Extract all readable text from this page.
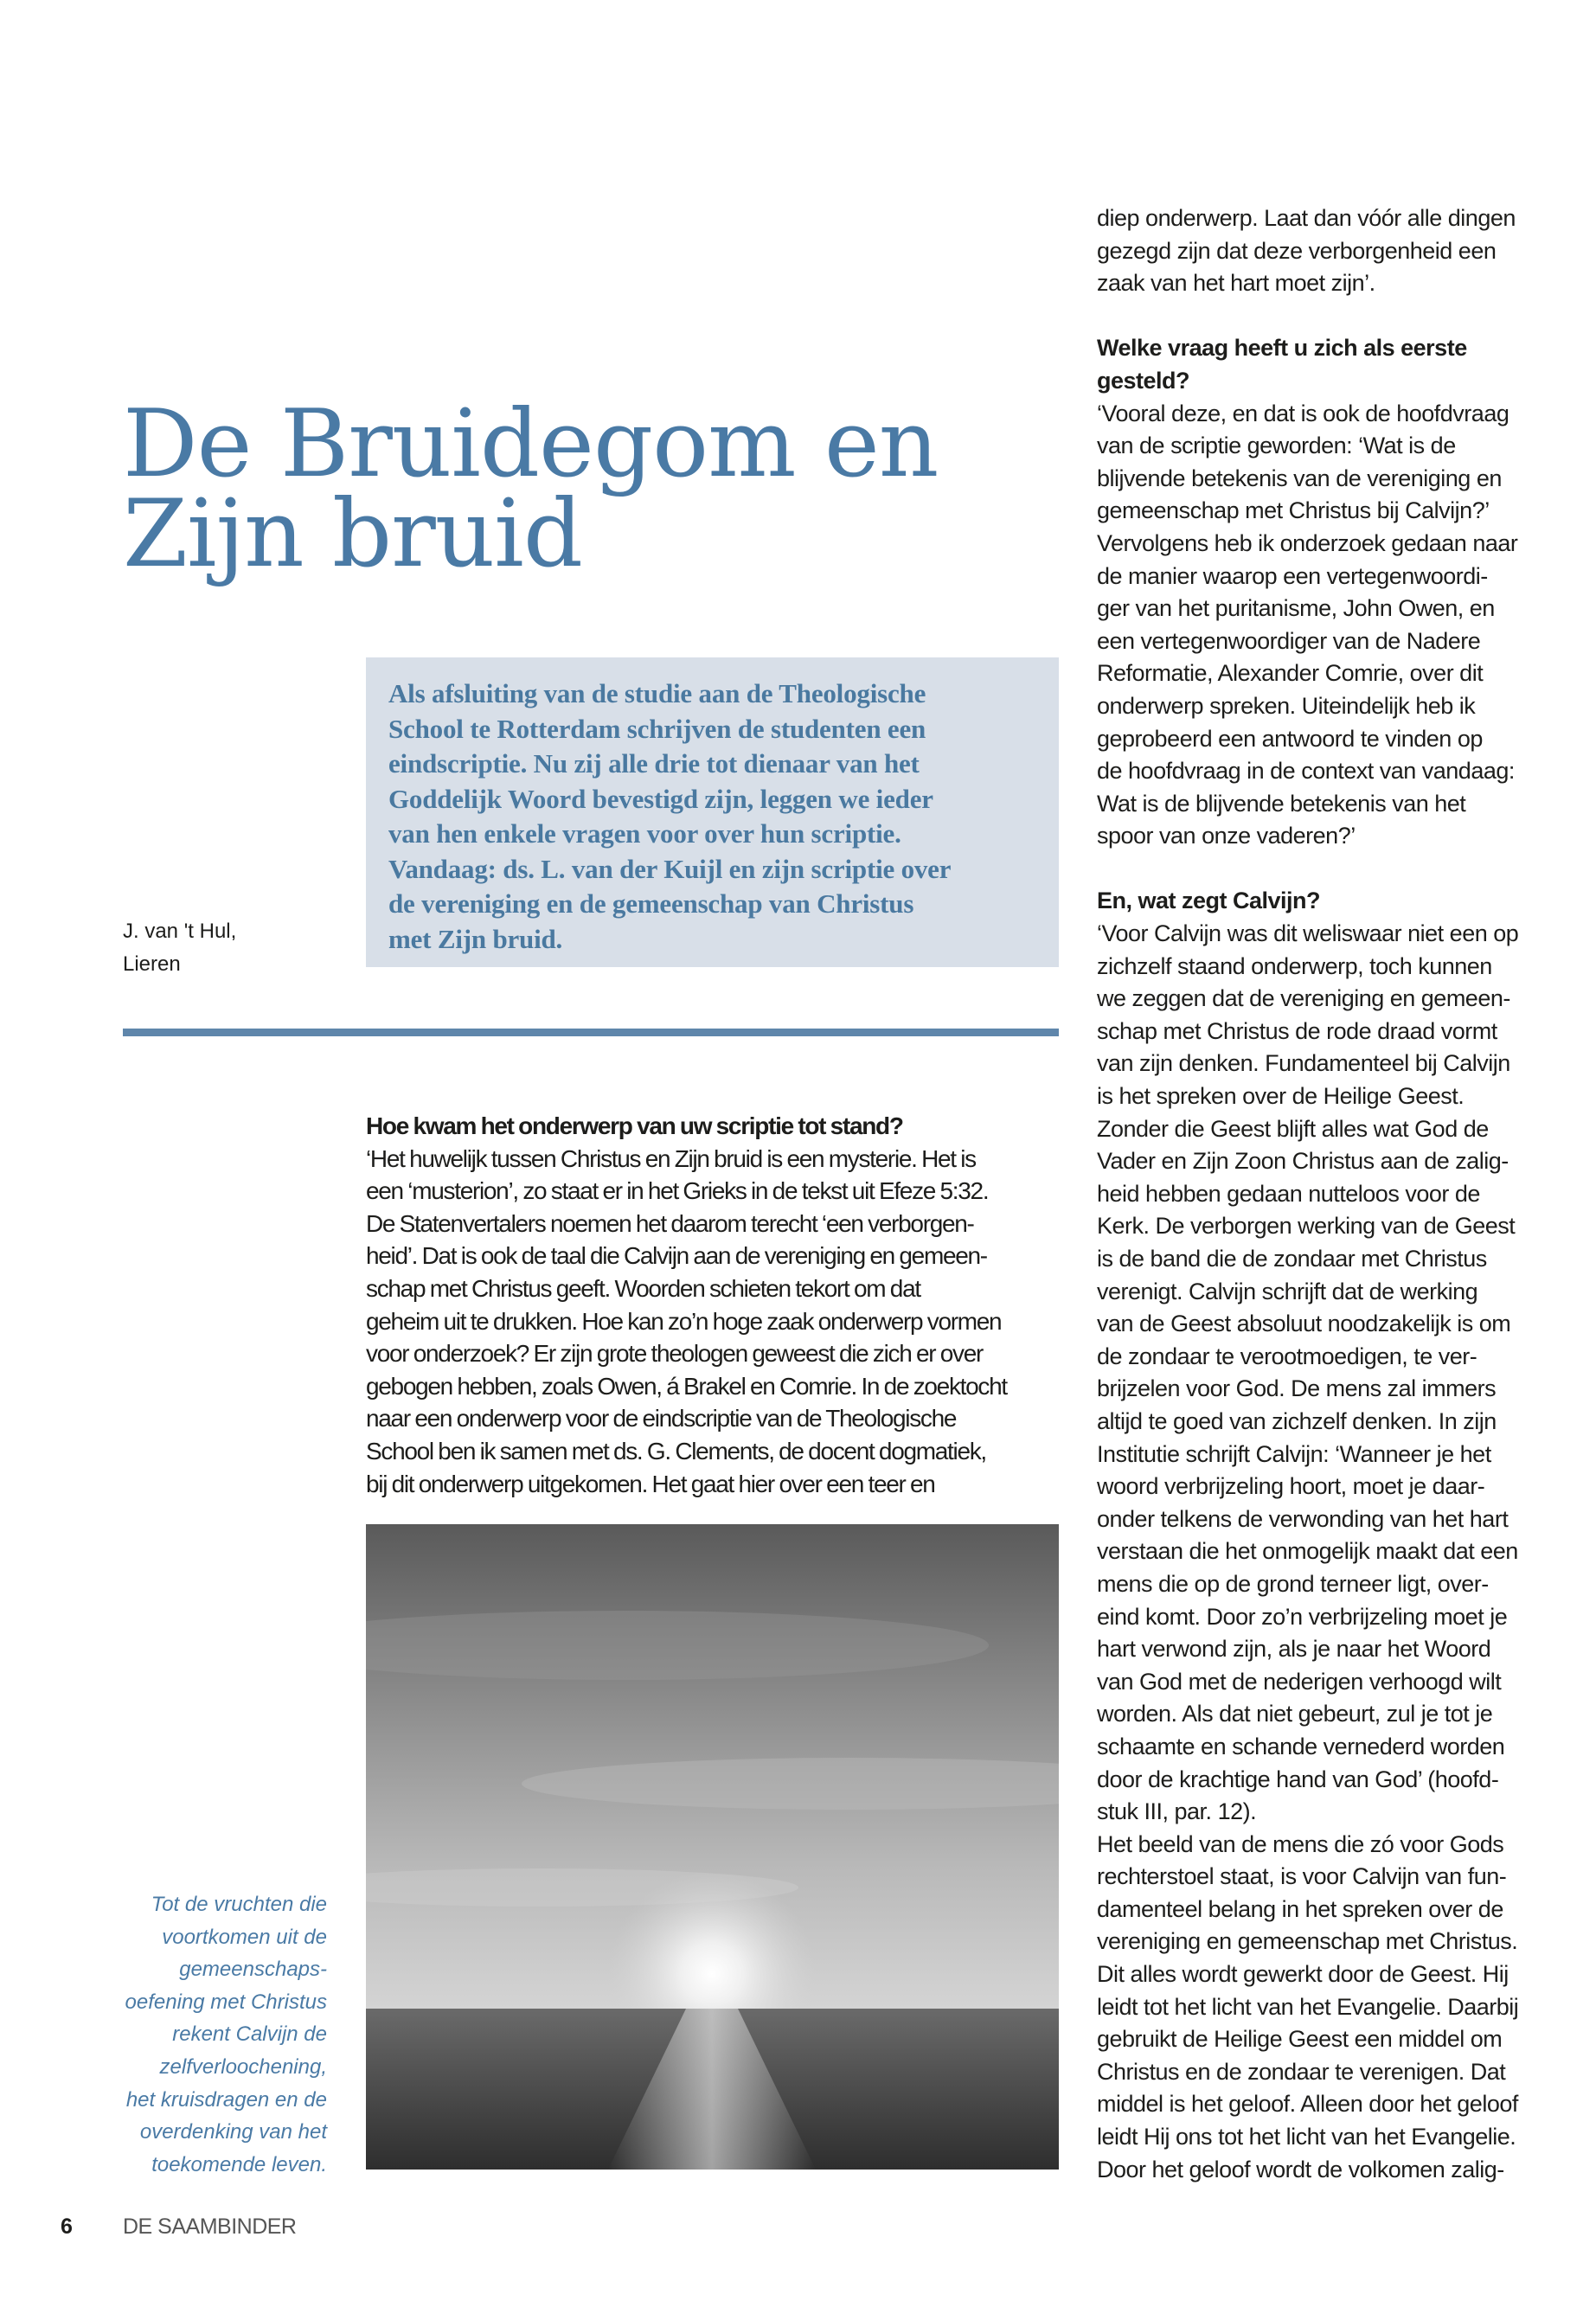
De Bruidegom en
Zijn bruid
Als afsluiting van de studie aan de Theologische
School te Rotterdam schrijven de studenten een
eindscriptie. Nu zij alle drie tot dienaar van het
Goddelijk Woord bevestigd zijn, leggen we ieder
van hen enkele vragen voor over hun scriptie.
Vandaag: ds. L. van der Kuijl en zijn scriptie over
de vereniging en de gemeenschap van Christus
met Zijn bruid.
J. van 't Hul,
Lieren
Hoe kwam het onderwerp van uw scriptie tot stand?
‘Het huwelijk tussen Christus en Zijn bruid is een mysterie. Het is
een ‘musterion’, zo staat er in het Grieks in de tekst uit Efeze 5:32.
De Statenvertalers noemen het daarom terecht ‘een verborgen-
heid’. Dat is ook de taal die Calvijn aan de vereniging en gemeen-
schap met Christus geeft. Woorden schieten tekort om dat
geheim uit te drukken. Hoe kan zo’n hoge zaak onderwerp vormen
voor onderzoek? Er zijn grote theologen geweest die zich er over
gebogen hebben, zoals Owen, á Brakel en Comrie. In de zoektocht
naar een onderwerp voor de eindscriptie van de Theologische
School ben ik samen met ds. G. Clements, de docent dogmatiek,
bij dit onderwerp uitgekomen. Het gaat hier over een teer en
diep onderwerp. Laat dan vóór alle dingen
gezegd zijn dat deze verborgenheid een
zaak van het hart moet zijn’.
Welke vraag heeft u zich als eerste
gesteld?
‘Vooral deze, en dat is ook de hoofdvraag
van de scriptie geworden: ‘Wat is de
blijvende betekenis van de vereniging en
gemeenschap met Christus bij Calvijn?’
Vervolgens heb ik onderzoek gedaan naar
de manier waarop een vertegenwoordi-
ger van het puritanisme, John Owen, en
een vertegenwoordiger van de Nadere
Reformatie, Alexander Comrie, over dit
onderwerp spreken. Uiteindelijk heb ik
geprobeerd een antwoord te vinden op
de hoofdvraag in de context van vandaag:
Wat is de blijvende betekenis van het
spoor van onze vaderen?’
En, wat zegt Calvijn?
‘Voor Calvijn was dit weliswaar niet een op
zichzelf staand onderwerp, toch kunnen
we zeggen dat de vereniging en gemeen-
schap met Christus de rode draad vormt
van zijn denken. Fundamenteel bij Calvijn
is het spreken over de Heilige Geest.
Zonder die Geest blijft alles wat God de
Vader en Zijn Zoon Christus aan de zalig-
heid hebben gedaan nutteloos voor de
Kerk. De verborgen werking van de Geest
is de band die de zondaar met Christus
verenigt. Calvijn schrijft dat de werking
van de Geest absoluut noodzakelijk is om
de zondaar te verootmoedigen, te ver-
brijzelen voor God. De mens zal immers
altijd te goed van zichzelf denken. In zijn
Institutie schrijft Calvijn: ‘Wanneer je het
woord verbrijzeling hoort, moet je daar-
onder telkens de verwonding van het hart
verstaan die het onmogelijk maakt dat een
mens die op de grond terneer ligt, over-
eind komt. Door zo’n verbrijzeling moet je
hart verwond zijn, als je naar het Woord
van God met de nederigen verhoogd wilt
worden. Als dat niet gebeurt, zul je tot je
schaamte en schande vernederd worden
door de krachtige hand van God’ (hoofd-
stuk III, par. 12).
Het beeld van de mens die zó voor Gods
rechterstoel staat, is voor Calvijn van fun-
damenteel belang in het spreken over de
vereniging en gemeenschap met Christus.
Dit alles wordt gewerkt door de Geest. Hij
leidt tot het licht van het Evangelie. Daarbij
gebruikt de Heilige Geest een middel om
Christus en de zondaar te verenigen. Dat
middel is het geloof. Alleen door het geloof
leidt Hij ons tot het licht van het Evangelie.
Door het geloof wordt de volkomen zalig-
Tot de vruchten die
voortkomen uit de
gemeenschaps-
oefening met Christus
rekent Calvijn de
zelfverloochening,
het kruisdragen en de
overdenking van het
toekomende leven.
6 DE SAAMBINDER
